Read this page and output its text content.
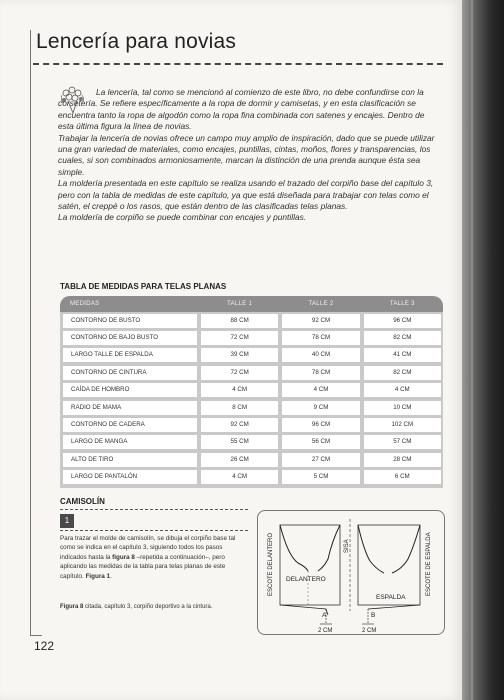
Lencería para novias

La lencería, tal como se mencionó al comienzo de este libro, no debe confundirse con la corsetería. Se refiere específicamente a la ropa de dormir y camisetas, y en esta clasificación se encuentra tanto la ropa de algodón como la ropa fina combinada con satenes y encajes. Dentro de esta última figura la línea de novias.

Trabajar la lencería de novias ofrece un campo muy amplio de inspiración, dado que se puede utilizar una gran variedad de materiales, como encajes, puntillas, cintas, moños, flores y transparencias, los cuales, si son combinados armoniosamente, marcan la distinción de una prenda aunque ésta sea simple.

La moldería presentada en este capítulo se realiza usando el trazado del corpiño base del capítulo 3, pero con la tabla de medidas de este capítulo, ya que está diseñada para trabajar con telas como el satén, el creppé o los rasos, que están dentro de las clasificadas telas planas.

La moldería de corpiño se puede combinar con encajes y puntillas.

TABLA DE MEDIDAS PARA TELAS PLANAS
MEDIDAS	TALLE 1	TALLE 2	TALLE 3

CONTORNO DE BUSTO	88 CM	92 CM	96 CM

CONTORNO DE BAJO BUSTO	72 CM	78 CM	82 CM

LARGO TALLE DE ESPALDA	39 CM	40 CM	41 CM

CONTORNO DE CINTURA	72 CM	78 CM	82 CM

CAÍDA DE HOMBRO	4 CM	4 CM	4 CM

RADIO DE MAMA	8 CM	9 CM	10 CM

CONTORNO DE CADERA	92 CM	96 CM	102 CM

LARGO DE MANGA	55 CM	56 CM	57 CM

ALTO DE TIRO	26 CM	27 CM	28 CM

LARGO DE PANTALÓN	4 CM	5 CM	6 CM
CAMISOLÍN
1
Para trazar el molde de camisolín, se dibuja el corpiño base tal como se indica en el capítulo 3, siguiendo todos los pasos indicados hasta la figura 8 –repetida a continuación–, pero aplicando las medidas de la tabla para telas planas de este capítulo. Figura 1.
Figura 8 citada, capítulo 3, corpiño deportivo a la cintura.
ESCOTE DELANTERO	SISA	ESCOTE DE ESPALDA
DELANTERO
ESPALDA
A	B
2 CM	2 CM
122
